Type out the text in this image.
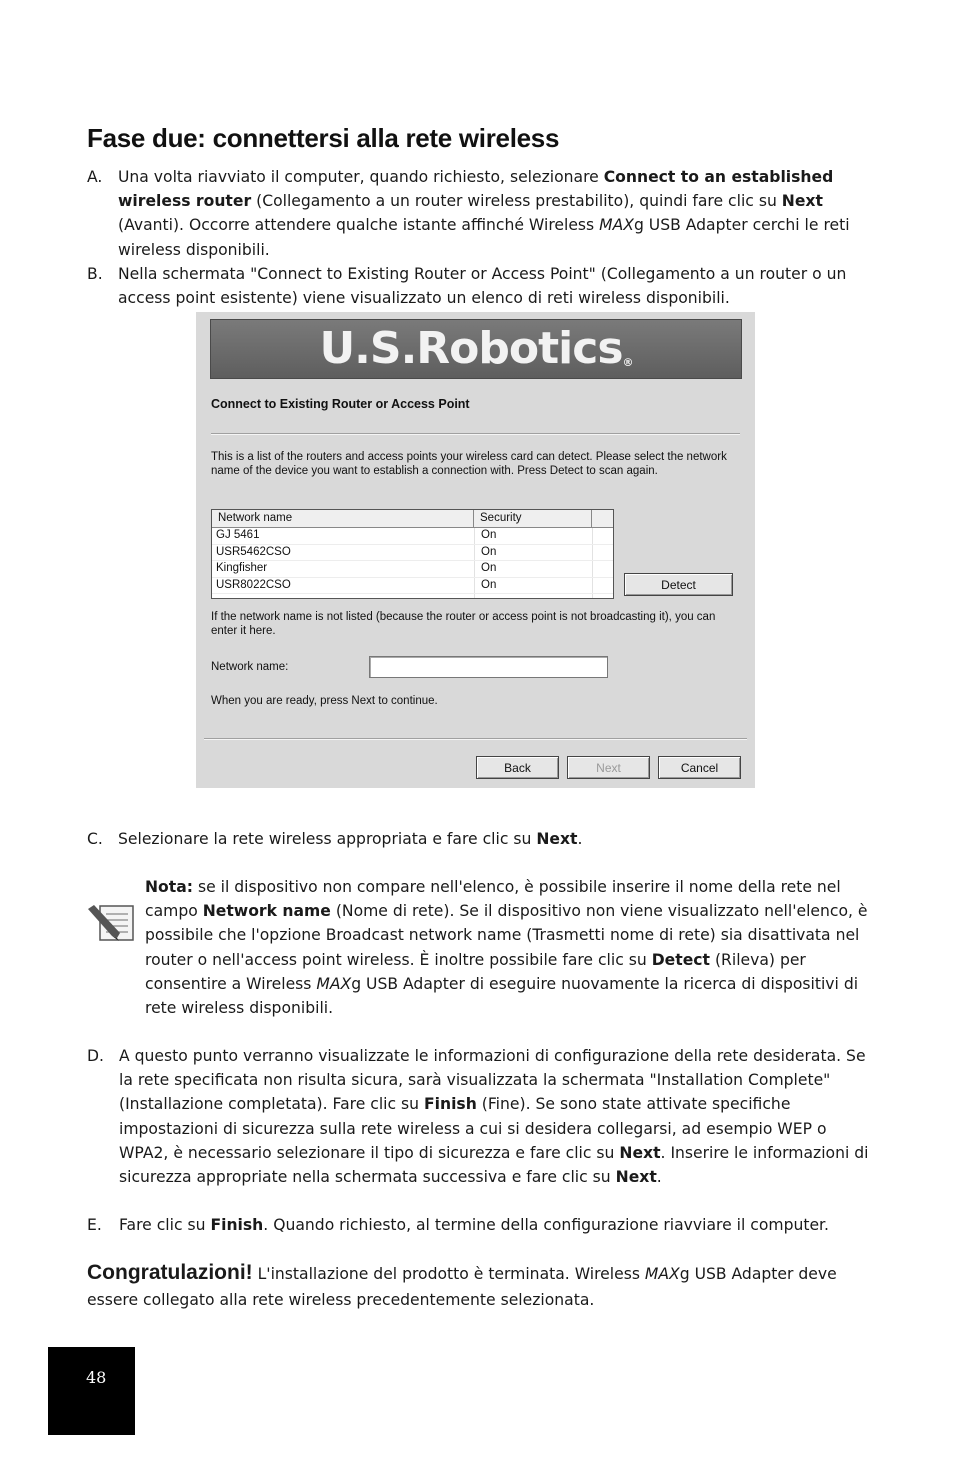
Fase due: connettersi alla rete wireless
A. Una volta riavviato il computer, quando richiesto, selezionare Connect to an established wireless router (Collegamento a un router wireless prestabilito), quindi fare clic su Next (Avanti). Occorre attendere qualche istante affinché Wireless MAXg USB Adapter cerchi le reti wireless disponibili.
B. Nella schermata "Connect to Existing Router or Access Point" (Collegamento a un router o un access point esistente) viene visualizzato un elenco di reti wireless disponibili.
U.S.Robotics®
Connect to Existing Router or Access Point
This is a list of the routers and access points your wireless card can detect. Please select the network name of the device you want to establish a connection with. Press Detect to scan again.
Network name	Security
GJ 5461	On
USR5462CSO	On
Kingfisher	On
USR8022CSO	On	Detect
If the network name is not listed (because the router or access point is not broadcasting it), you can enter it here.
Network name:
When you are ready, press Next to continue.
Back	Next	Cancel
C. Selezionare la rete wireless appropriata e fare clic su Next.
Nota: se il dispositivo non compare nell'elenco, è possibile inserire il nome della rete nel campo Network name (Nome di rete). Se il dispositivo non viene visualizzato nell'elenco, è possibile che l'opzione Broadcast network name (Trasmetti nome di rete) sia disattivata nel router o nell'access point wireless. È inoltre possibile fare clic su Detect (Rileva) per consentire a Wireless MAXg USB Adapter di eseguire nuovamente la ricerca di dispositivi di rete wireless disponibili.
D. A questo punto verranno visualizzate le informazioni di configurazione della rete desiderata. Se la rete specificata non risulta sicura, sarà visualizzata la schermata "Installation Complete" (Installazione completata). Fare clic su Finish (Fine). Se sono state attivate specifiche impostazioni di sicurezza sulla rete wireless a cui si desidera collegarsi, ad esempio WEP o WPA2, è necessario selezionare il tipo di sicurezza e fare clic su Next. Inserire le informazioni di sicurezza appropriate nella schermata successiva e fare clic su Next.
E. Fare clic su Finish. Quando richiesto, al termine della configurazione riavviare il computer.
Congratulazioni! L'installazione del prodotto è terminata. Wireless MAXg USB Adapter deve essere collegato alla rete wireless precedentemente selezionata.
48
